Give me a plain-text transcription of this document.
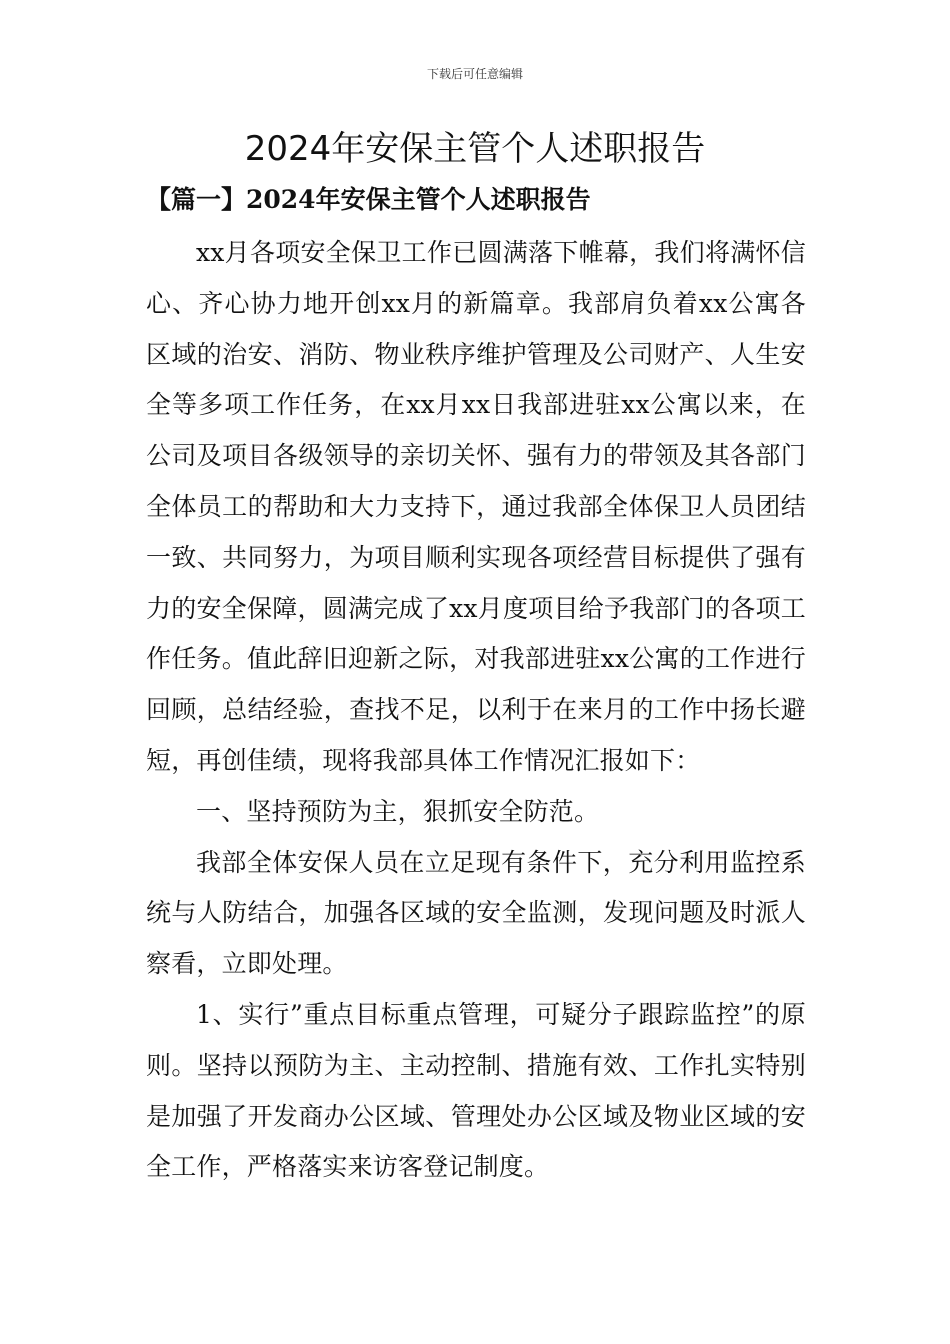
下载后可任意编辑
2024年安保主管个人述职报告
【篇一】2024年安保主管个人述职报告

xx月各项安全保卫工作已圆满落下帷幕，我们将满怀信心、齐心协力地开创xx月的新篇章。我部肩负着xx公寓各区域的治安、消防、物业秩序维护管理及公司财产、人生安全等多项工作任务，在xx月xx日我部进驻xx公寓以来，在公司及项目各级领导的亲切关怀、强有力的带领及其各部门全体员工的帮助和大力支持下，通过我部全体保卫人员团结一致、共同努力，为项目顺利实现各项经营目标提供了强有力的安全保障，圆满完成了xx月度项目给予我部门的各项工作任务。值此辞旧迎新之际，对我部进驻xx公寓的工作进行回顾，总结经验，查找不足，以利于在来月的工作中扬长避短，再创佳绩，现将我部具体工作情况汇报如下：

一、坚持预防为主，狠抓安全防范。

我部全体安保人员在立足现有条件下，充分利用监控系统与人防结合，加强各区域的安全监测，发现问题及时派人察看，立即处理。

1、实行”重点目标重点管理，可疑分子跟踪监控”的原则。坚持以预防为主、主动控制、措施有效、工作扎实特别是加强了开发商办公区域、管理处办公区域及物业区域的安全工作，严格落实来访客登记制度。
